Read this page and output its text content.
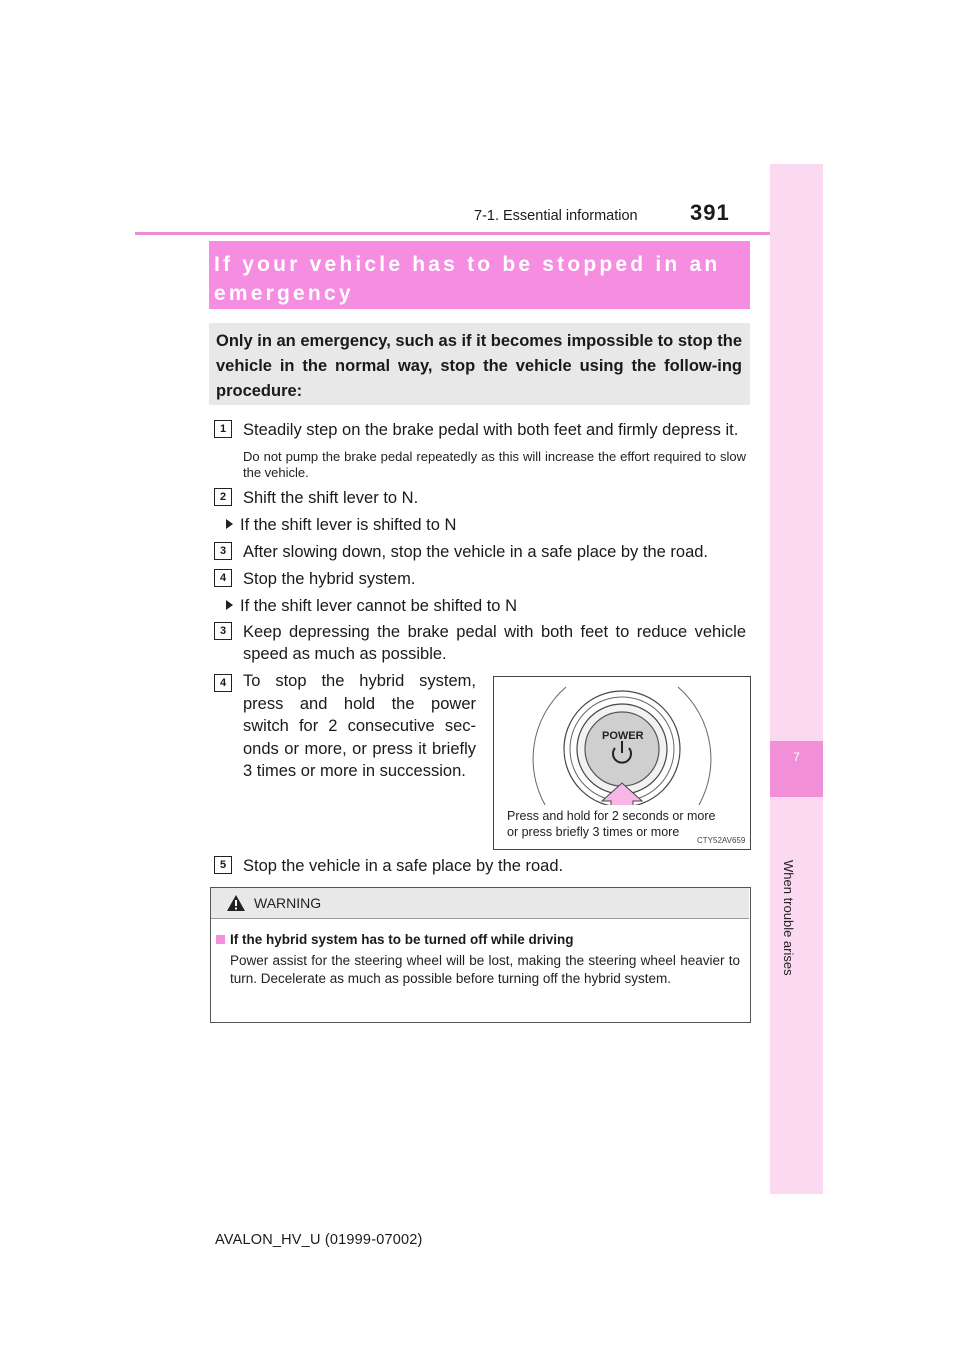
7-1. Essential information 391
7
When trouble arises
If your vehicle has to be stopped in an emergency
Only in an emergency, such as if it becomes impossible to stop the vehicle in the normal way, stop the vehicle using the follow-ing procedure:
1	Steadily step on the brake pedal with both feet and firmly depress it.
Do not pump the brake pedal repeatedly as this will increase the effort required to slow the vehicle.
2	Shift the shift lever to N.
If the shift lever is shifted to N
3	After slowing down, stop the vehicle in a safe place by the road.
4	Stop the hybrid system.
If the shift lever cannot be shifted to N
3	Keep depressing the brake pedal with both feet to reduce vehicle speed as much as possible.
4	To stop the hybrid system, press and hold the power switch for 2 consecutive sec-onds or more, or press it briefly 3 times or more in succession.
POWER
Press and hold for 2 seconds or more
or press briefly 3 times or more
CTY52AV659
5	Stop the vehicle in a safe place by the road.
WARNING
If the hybrid system has to be turned off while driving
Power assist for the steering wheel will be lost, making the steering wheel heavier to turn. Decelerate as much as possible before turning off the hybrid system.
AVALON_HV_U (01999-07002)
